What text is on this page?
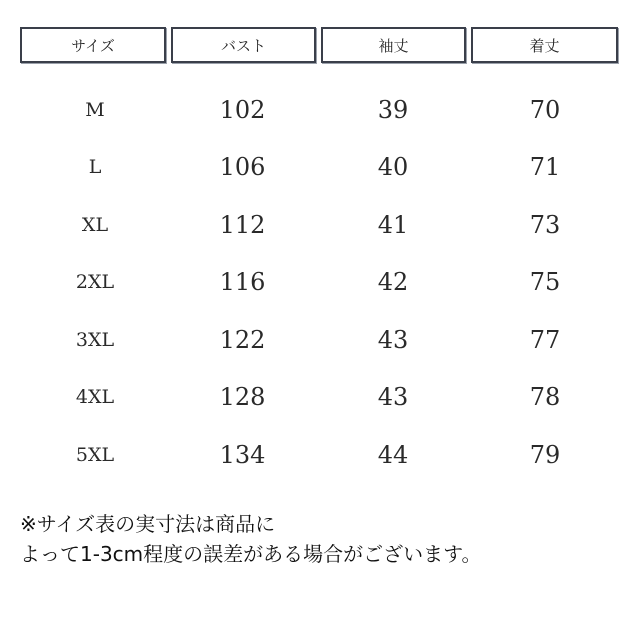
サイズ	バスト	袖丈	着丈
M	102	39	70
L	106	40	71
XL	112	41	73
2XL	116	42	75
3XL	122	43	77
4XL	128	43	78
5XL	134	44	79
※サイズ表の実寸法は商品に
よって1-3cm程度の誤差がある場合がございます。
